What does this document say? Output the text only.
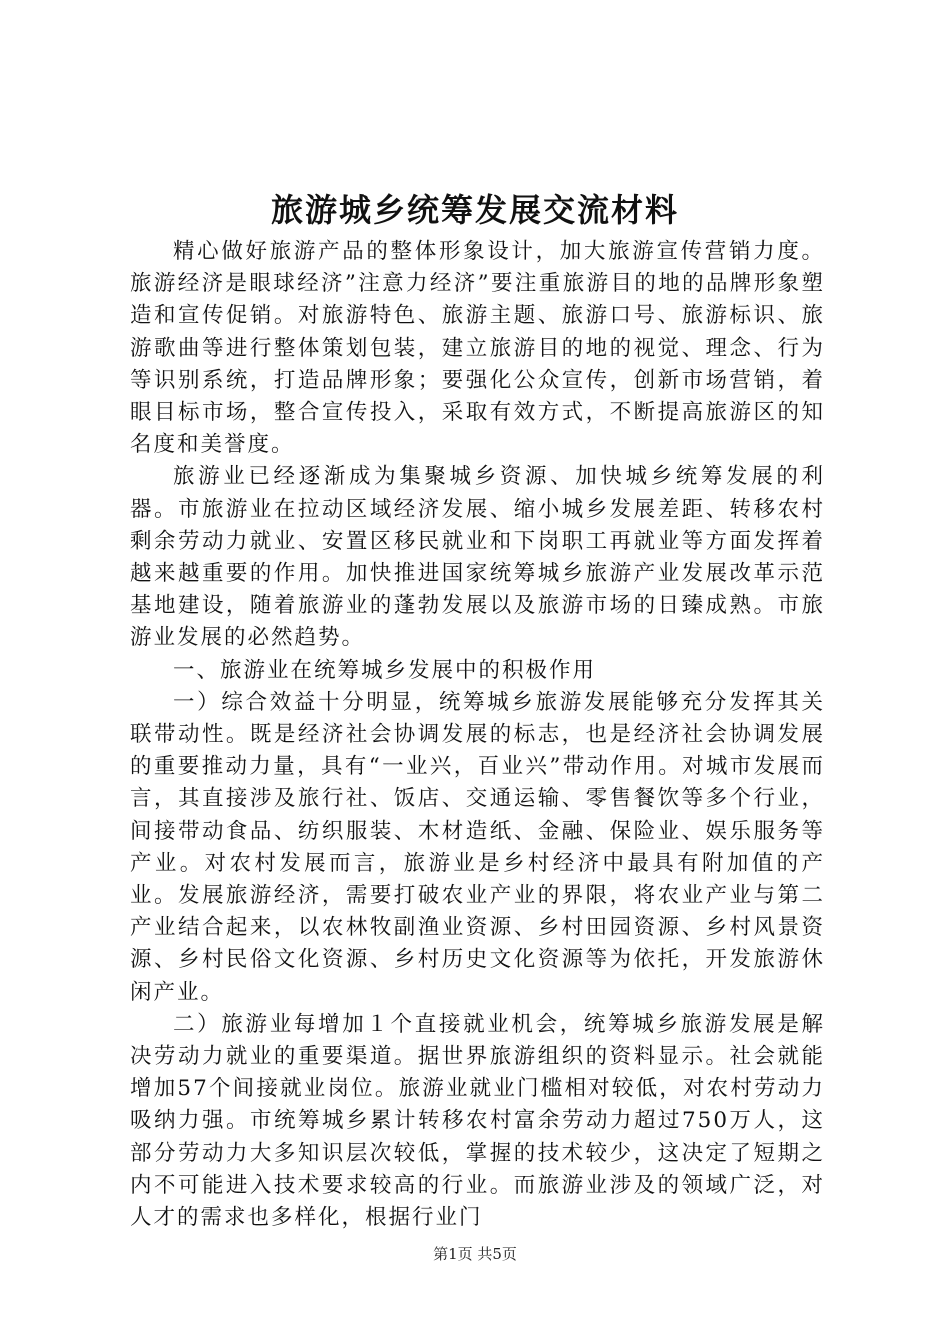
旅游城乡统筹发展交流材料

精心做好旅游产品的整体形象设计，加大旅游宣传营销力度。旅游经济是眼球经济”注意力经济”要注重旅游目的地的品牌形象塑造和宣传促销。对旅游特色、旅游主题、旅游口号、旅游标识、旅游歌曲等进行整体策划包装，建立旅游目的地的视觉、理念、行为等识别系统，打造品牌形象；要强化公众宣传，创新市场营销，着眼目标市场，整合宣传投入，采取有效方式，不断提高旅游区的知名度和美誉度。

旅游业已经逐渐成为集聚城乡资源、加快城乡统筹发展的利器。市旅游业在拉动区域经济发展、缩小城乡发展差距、转移农村剩余劳动力就业、安置区移民就业和下岗职工再就业等方面发挥着越来越重要的作用。加快推进国家统筹城乡旅游产业发展改革示范基地建设，随着旅游业的蓬勃发展以及旅游市场的日臻成熟。市旅游业发展的必然趋势。

一、旅游业在统筹城乡发展中的积极作用

一）综合效益十分明显，统筹城乡旅游发展能够充分发挥其关联带动性。既是经济社会协调发展的标志，也是经济社会协调发展的重要推动力量，具有“一业兴，百业兴”带动作用。对城市发展而言，其直接涉及旅行社、饭店、交通运输、零售餐饮等多个行业，间接带动食品、纺织服装、木材造纸、金融、保险业、娱乐服务等产业。对农村发展而言，旅游业是乡村经济中最具有附加值的产业。发展旅游经济，需要打破农业产业的界限，将农业产业与第二产业结合起来，以农林牧副渔业资源、乡村田园资源、乡村风景资源、乡村民俗文化资源、乡村历史文化资源等为依托，开发旅游休闲产业。

二）旅游业每增加１个直接就业机会，统筹城乡旅游发展是解决劳动力就业的重要渠道。据世界旅游组织的资料显示。社会就能增加57个间接就业岗位。旅游业就业门槛相对较低，对农村劳动力吸纳力强。市统筹城乡累计转移农村富余劳动力超过750万人，这部分劳动力大多知识层次较低，掌握的技术较少，这决定了短期之内不可能进入技术要求较高的行业。而旅游业涉及的领域广泛，对人才的需求也多样化，根据行业门

第1页 共5页
